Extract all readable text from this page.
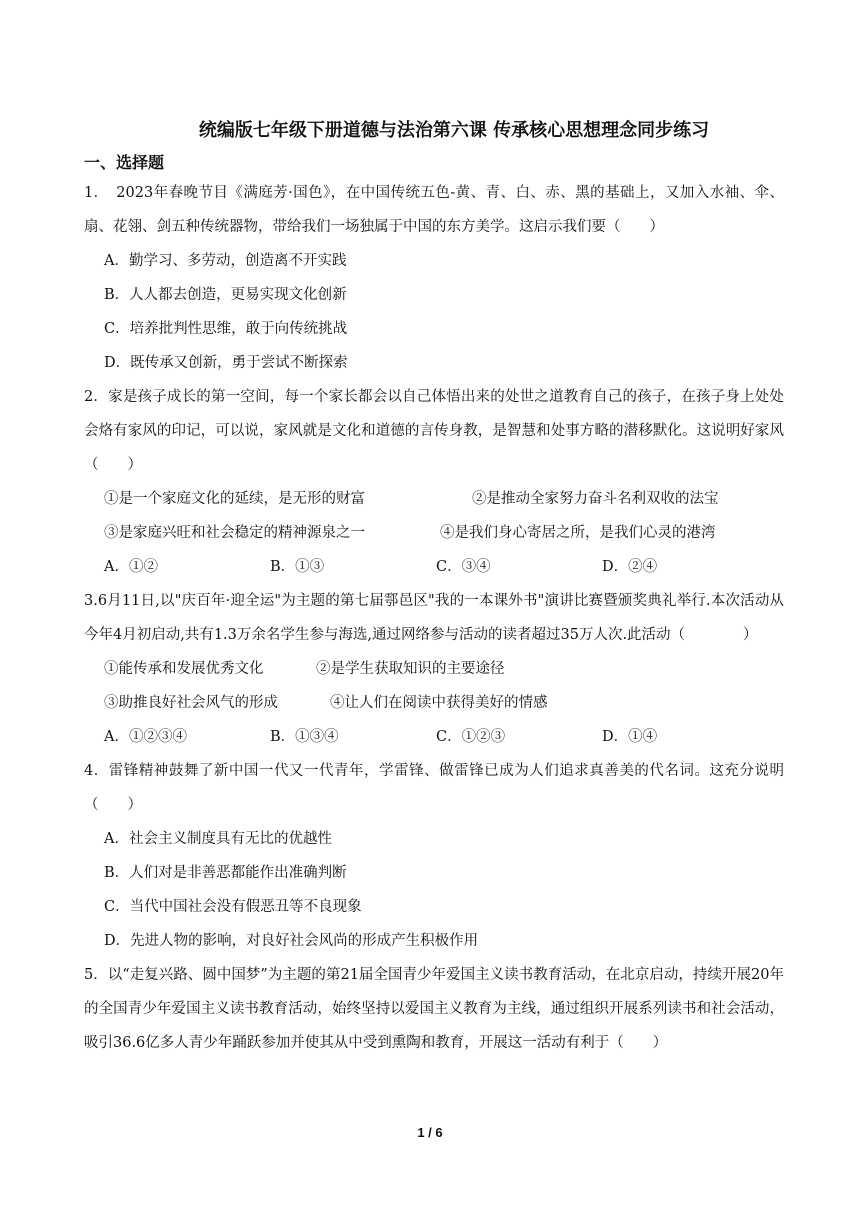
统编版七年级下册道德与法治第六课 传承核心思想理念同步练习
一、选择题

1．　2023年春晚节目《满庭芳·国色》，在中国传统五色-黄、青、白、赤、黑的基础上，又加入水袖、伞、扇、花翎、剑五种传统器物，带给我们一场独属于中国的东方美学。这启示我们要（　　）

A．勤学习、多劳动，创造离不开实践

B．人人都去创造，更易实现文化创新

C．培养批判性思维，敢于向传统挑战

D．既传承又创新，勇于尝试不断探索

2．家是孩子成长的第一空间，每一个家长都会以自己体悟出来的处世之道教育自己的孩子，在孩子身上处处会烙有家风的印记，可以说，家风就是文化和道德的言传身教，是智慧和处事方略的潜移默化。这说明好家风（　　）

①是一个家庭文化的延续，是无形的财富	②是推动全家努力奋斗名利双收的法宝
③是家庭兴旺和社会稳定的精神源泉之一	④是我们身心寄居之所，是我们心灵的港湾
A．①②	B．①③	C．③④	D．②④

3.6月11日,以"庆百年·迎全运"为主题的第七届鄠邑区"我的一本课外书"演讲比赛暨颁奖典礼举行.本次活动从今年4月初启动,共有1.3万余名学生参与海选,通过网络参与活动的读者超过35万人次.此活动（　　　　）

①能传承和发展优秀文化	②是学生获取知识的主要途径
③助推良好社会风气的形成	④让人们在阅读中获得美好的情感
A．①②③④	B．①③④	C．①②③	D．①④

4．雷锋精神鼓舞了新中国一代又一代青年，学雷锋、做雷锋已成为人们追求真善美的代名词。这充分说明（　　）

A．社会主义制度具有无比的优越性

B．人们对是非善恶都能作出准确判断

C．当代中国社会没有假恶丑等不良现象

D．先进人物的影响，对良好社会风尚的形成产生积极作用

5．以“走复兴路、圆中国梦”为主题的第21届全国青少年爱国主义读书教育活动，在北京启动，持续开展20年的全国青少年爱国主义读书教育活动，始终坚持以爱国主义教育为主线，通过组织开展系列读书和社会活动，吸引36.6亿多人青少年踊跃参加并使其从中受到熏陶和教育，开展这一活动有利于（　　）

1 / 6
